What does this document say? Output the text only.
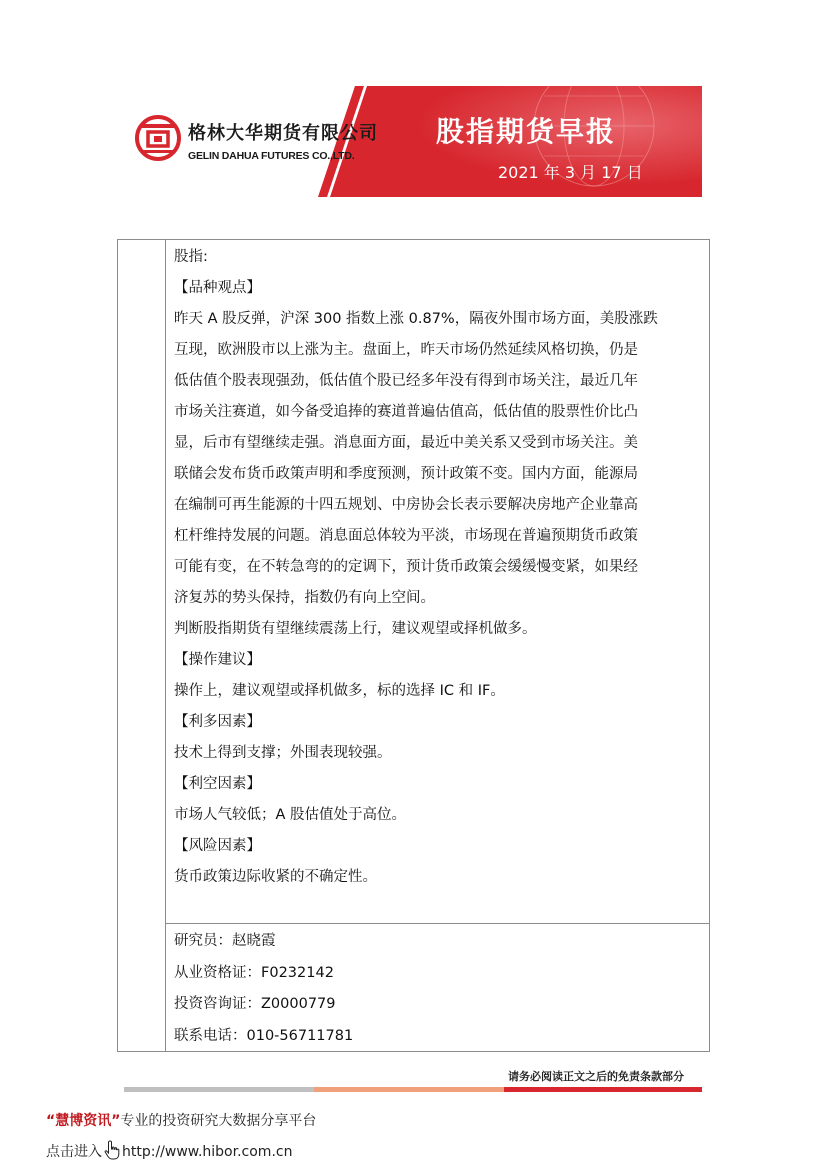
格林大华期货有限公司
GELIN DAHUA FUTURES CO.,LTD.
股指期货早报
2021 年 3 月 17 日
股指:
【品种观点】
昨天 A 股反弹，沪深 300 指数上涨 0.87%，隔夜外围市场方面，美股涨跌
互现，欧洲股市以上涨为主。盘面上，昨天市场仍然延续风格切换，仍是
低估值个股表现强劲，低估值个股已经多年没有得到市场关注，最近几年
市场关注赛道，如今备受追捧的赛道普遍估值高，低估值的股票性价比凸
显，后市有望继续走强。消息面方面，最近中美关系又受到市场关注。美
联储会发布货币政策声明和季度预测，预计政策不变。国内方面，能源局
在编制可再生能源的十四五规划、中房协会长表示要解决房地产企业靠高
杠杆维持发展的问题。消息面总体较为平淡，市场现在普遍预期货币政策
可能有变，在不转急弯的的定调下，预计货币政策会缓缓慢变紧，如果经
济复苏的势头保持，指数仍有向上空间。
判断股指期货有望继续震荡上行，建议观望或择机做多。
【操作建议】
操作上，建议观望或择机做多，标的选择 IC 和 IF。
【利多因素】
技术上得到支撑；外围表现较强。
【利空因素】
市场人气较低；A 股估值处于高位。
【风险因素】
货币政策边际收紧的不确定性。
研究员：赵晓霞
从业资格证：F0232142
投资咨询证：Z0000779
联系电话：010-56711781
请务必阅读正文之后的免责条款部分
“慧博资讯”专业的投资研究大数据分享平台
点击进入 http://www.hibor.com.cn
